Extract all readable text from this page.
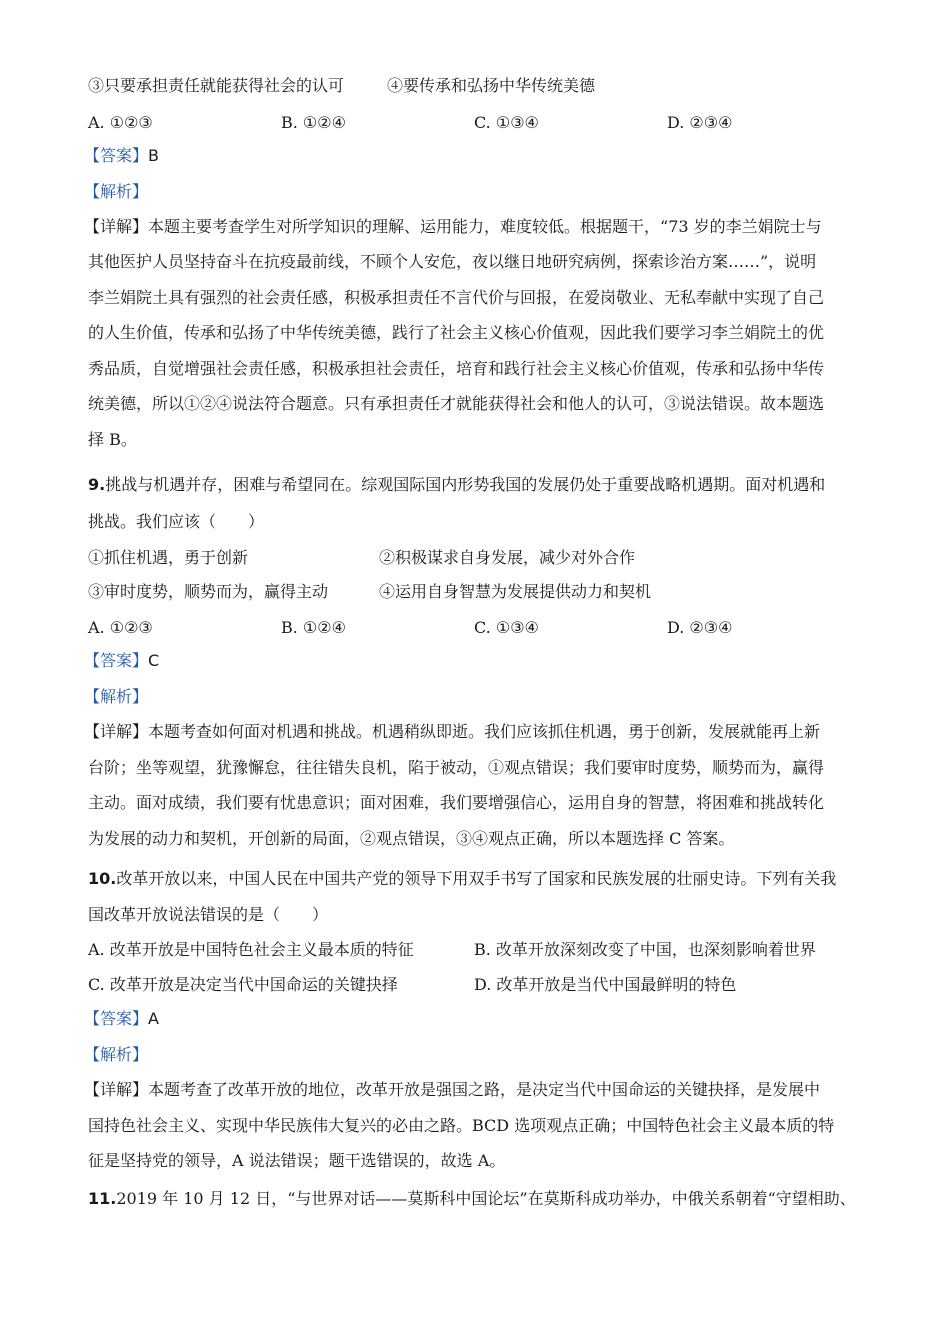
③只要承担责任就能获得社会的认可	④要传承和弘扬中华传统美德
A. ①②③	B. ①②④	C. ①③④	D. ②③④
【答案】B
【解析】
【详解】本题主要考查学生对所学知识的理解、运用能力，难度较低。根据题干，“73 岁的李兰娟院士与
其他医护人员坚持奋斗在抗疫最前线，不顾个人安危，夜以继日地研究病例，探索诊治方案……”，说明
李兰娟院土具有强烈的社会责任感，积极承担责任不言代价与回报，在爱岗敬业、无私奉献中实现了自己
的人生价值，传承和弘扬了中华传统美德，践行了社会主义核心价值观，因此我们要学习李兰娟院土的优
秀品质，自觉增强社会责任感，积极承担社会责任，培育和践行社会主义核心价值观，传承和弘扬中华传
统美德，所以①②④说法符合题意。只有承担责任才就能获得社会和他人的认可，③说法错误。故本题选
择 B。
9.挑战与机遇并存，困难与希望同在。综观国际国内形势我国的发展仍处于重要战略机遇期。面对机遇和
挑战。我们应该（　　）
①抓住机遇，勇于创新	②积极谋求自身发展，减少对外合作
③审时度势，顺势而为，赢得主动	④运用自身智慧为发展提供动力和契机
A. ①②③	B. ①②④	C. ①③④	D. ②③④
【答案】C
【解析】
【详解】本题考查如何面对机遇和挑战。机遇稍纵即逝。我们应该抓住机遇，勇于创新，发展就能再上新
台阶；坐等观望，犹豫懈怠，往往错失良机，陷于被动，①观点错误；我们要审时度势，顺势而为，赢得
主动。面对成绩，我们要有忧患意识；面对困难，我们要增强信心，运用自身的智慧，将困难和挑战转化
为发展的动力和契机，开创新的局面，②观点错误，③④观点正确，所以本题选择 C 答案。
10.改革开放以来，中国人民在中国共产党的领导下用双手书写了国家和民族发展的壮丽史诗。下列有关我
国改革开放说法错误的是（　　）
A. 改革开放是中国特色社会主义最本质的特征	B. 改革开放深刻改变了中国，也深刻影响着世界
C. 改革开放是决定当代中国命运的关键抉择	D. 改革开放是当代中国最鲜明的特色
【答案】A
【解析】
【详解】本题考查了改革开放的地位，改革开放是强国之路，是决定当代中国命运的关键抉择，是发展中
国持色社会主义、实现中华民族伟大复兴的必由之路。BCD 选项观点正确；中国特色社会主义最本质的特
征是坚持党的领导，A 说法错误；题干选错误的，故选 A。
11.2019 年 10 月 12 日，“与世界对话——莫斯科中国论坛”在莫斯科成功举办，中俄关系朝着“守望相助、
